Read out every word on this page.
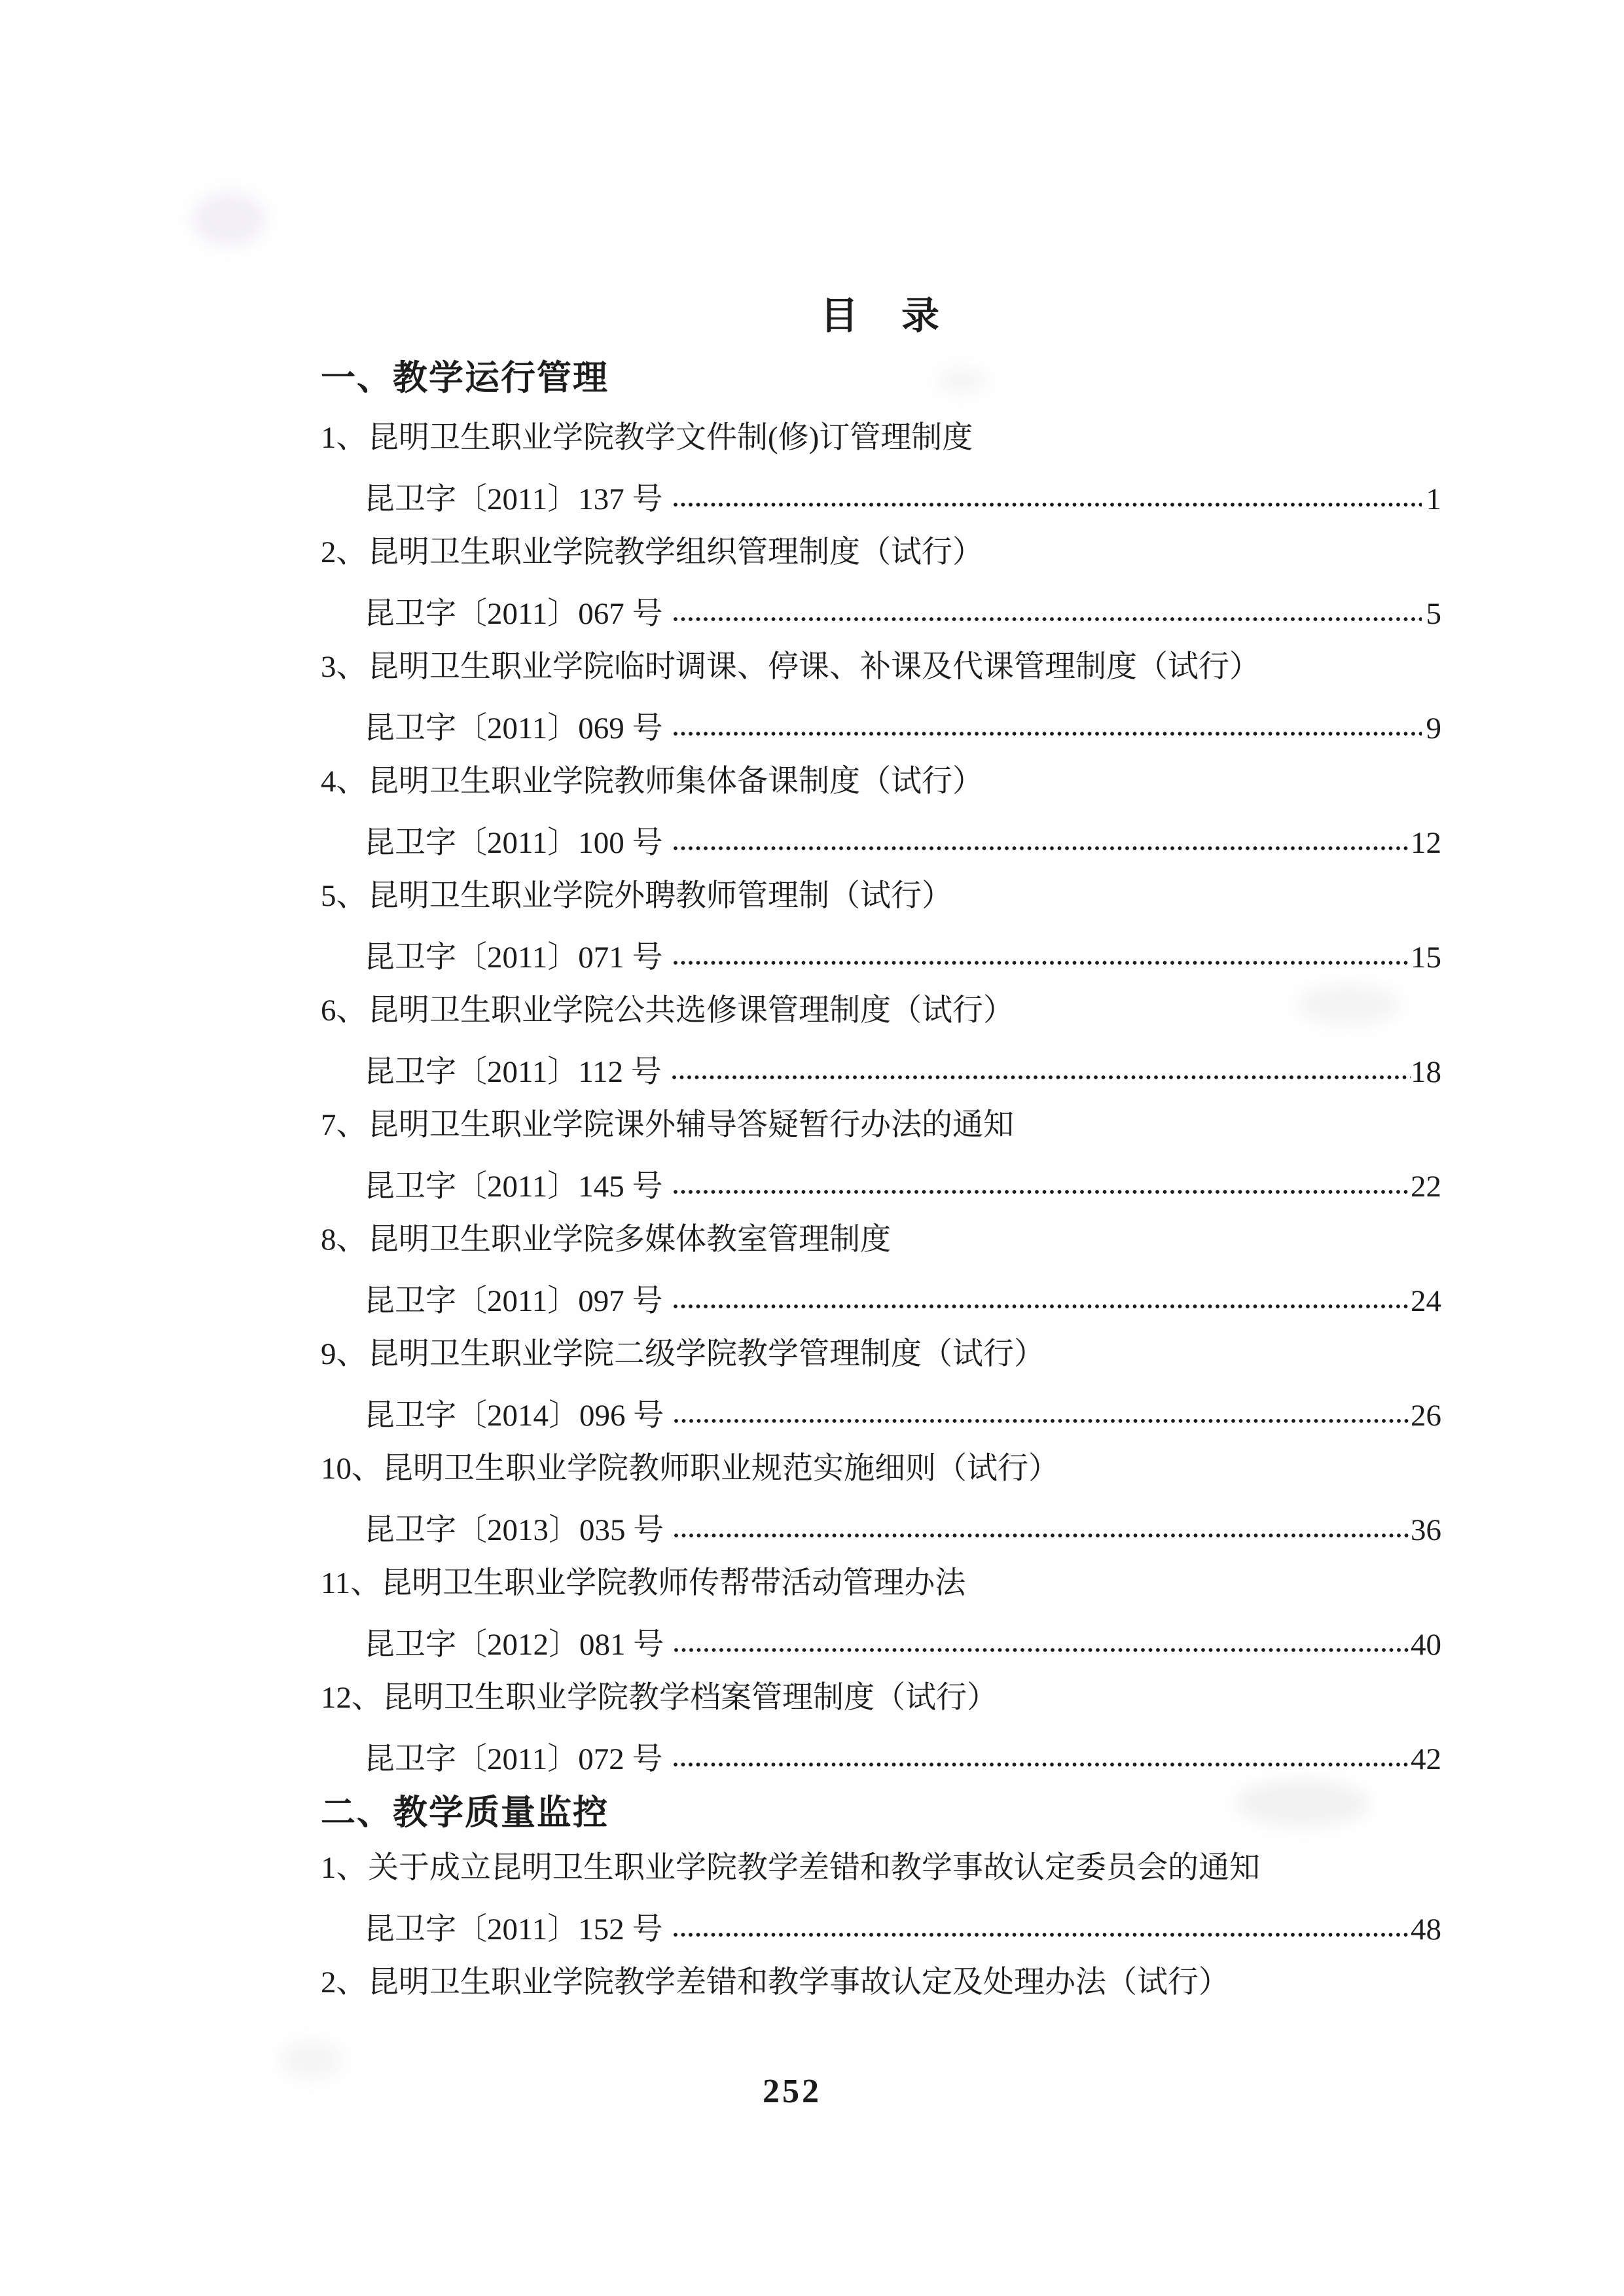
目　录
一、教学运行管理
1、昆明卫生职业学院教学文件制(修)订管理制度
昆卫字〔2011〕137 号	1
2、昆明卫生职业学院教学组织管理制度（试行）
昆卫字〔2011〕067 号	5
3、昆明卫生职业学院临时调课、停课、补课及代课管理制度（试行）
昆卫字〔2011〕069 号	9
4、昆明卫生职业学院教师集体备课制度（试行）
昆卫字〔2011〕100 号	12
5、昆明卫生职业学院外聘教师管理制（试行）
昆卫字〔2011〕071 号	15
6、昆明卫生职业学院公共选修课管理制度（试行）
昆卫字〔2011〕112 号	18
7、昆明卫生职业学院课外辅导答疑暂行办法的通知
昆卫字〔2011〕145 号	22
8、昆明卫生职业学院多媒体教室管理制度
昆卫字〔2011〕097 号	24
9、昆明卫生职业学院二级学院教学管理制度（试行）
昆卫字〔2014〕096 号	26
10、昆明卫生职业学院教师职业规范实施细则（试行）
昆卫字〔2013〕035 号	36
11、昆明卫生职业学院教师传帮带活动管理办法
昆卫字〔2012〕081 号	40
12、昆明卫生职业学院教学档案管理制度（试行）
昆卫字〔2011〕072 号	42
二、教学质量监控
1、关于成立昆明卫生职业学院教学差错和教学事故认定委员会的通知
昆卫字〔2011〕152 号	48
2、昆明卫生职业学院教学差错和教学事故认定及处理办法（试行）
252
